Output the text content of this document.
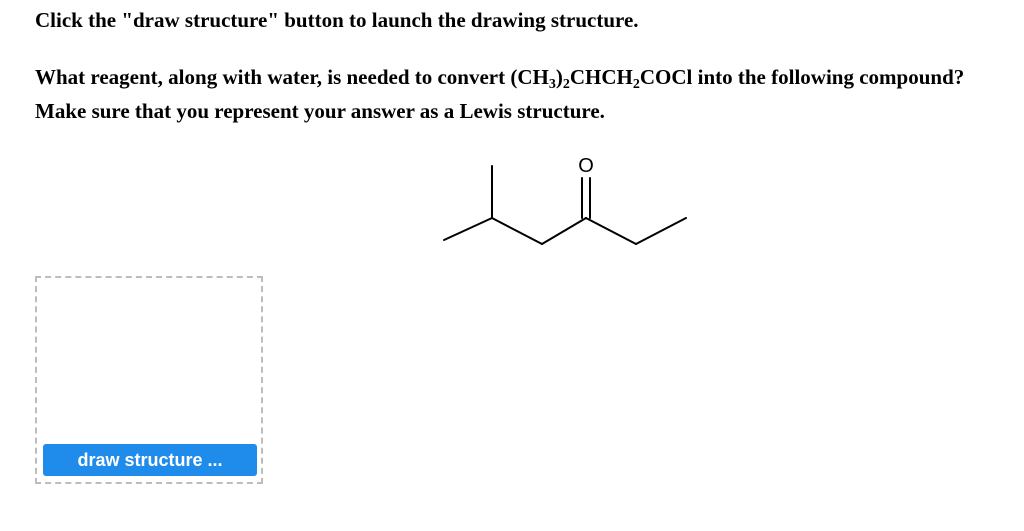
Click the "draw structure" button to launch the drawing structure.
What reagent, along with water, is needed to convert $(CH_3)_2CHCH_2COCl$ into the following compound? Make sure that you represent your answer as a Lewis structure.
O
draw structure ...
